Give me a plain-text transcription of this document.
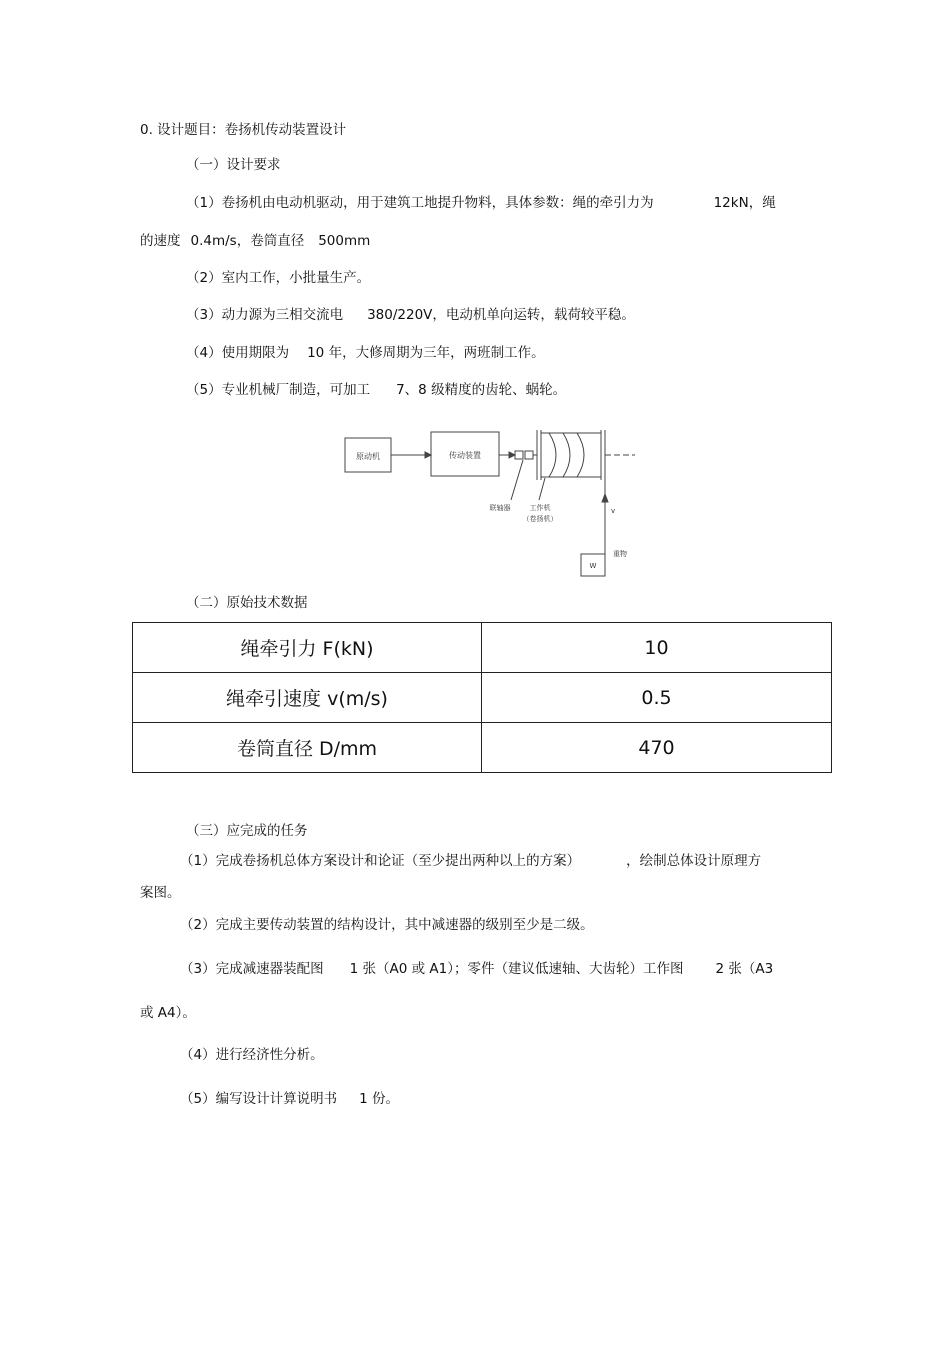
0. 设计题目：卷扬机传动装置设计
（一）设计要求
（1）卷扬机由电动机驱动，用于建筑工地提升物料，具体参数：绳的牵引力为	12kN，绳
的速度 0.4m/s，卷筒直径 500mm
（2）室内工作，小批量生产。
（3）动力源为三相交流电 380/220V，电动机单向运转，载荷较平稳。
（4）使用期限为 10 年，大修周期为三年，两班制工作。
（5）专业机械厂制造，可加工 7、8 级精度的齿轮、蜗轮。
原动机	传动装置
联轴器	工作机
（卷扬机）
v
W
重物
（二）原始技术数据
绳牵引力 F(kN)	10
绳牵引速度 v(m/s)	0.5
卷筒直径 D/mm	470
（三）应完成的任务
（1）完成卷扬机总体方案设计和论证（至少提出两种以上的方案）	，绘制总体设计原理方
案图。
（2）完成主要传动装置的结构设计，其中减速器的级别至少是二级。
（3）完成减速器装配图 1 张（A0 或 A1）；零件（建议低速轴、大齿轮）工作图 2 张（A3
或 A4）。
（4）进行经济性分析。
（5）编写设计计算说明书 1 份。
